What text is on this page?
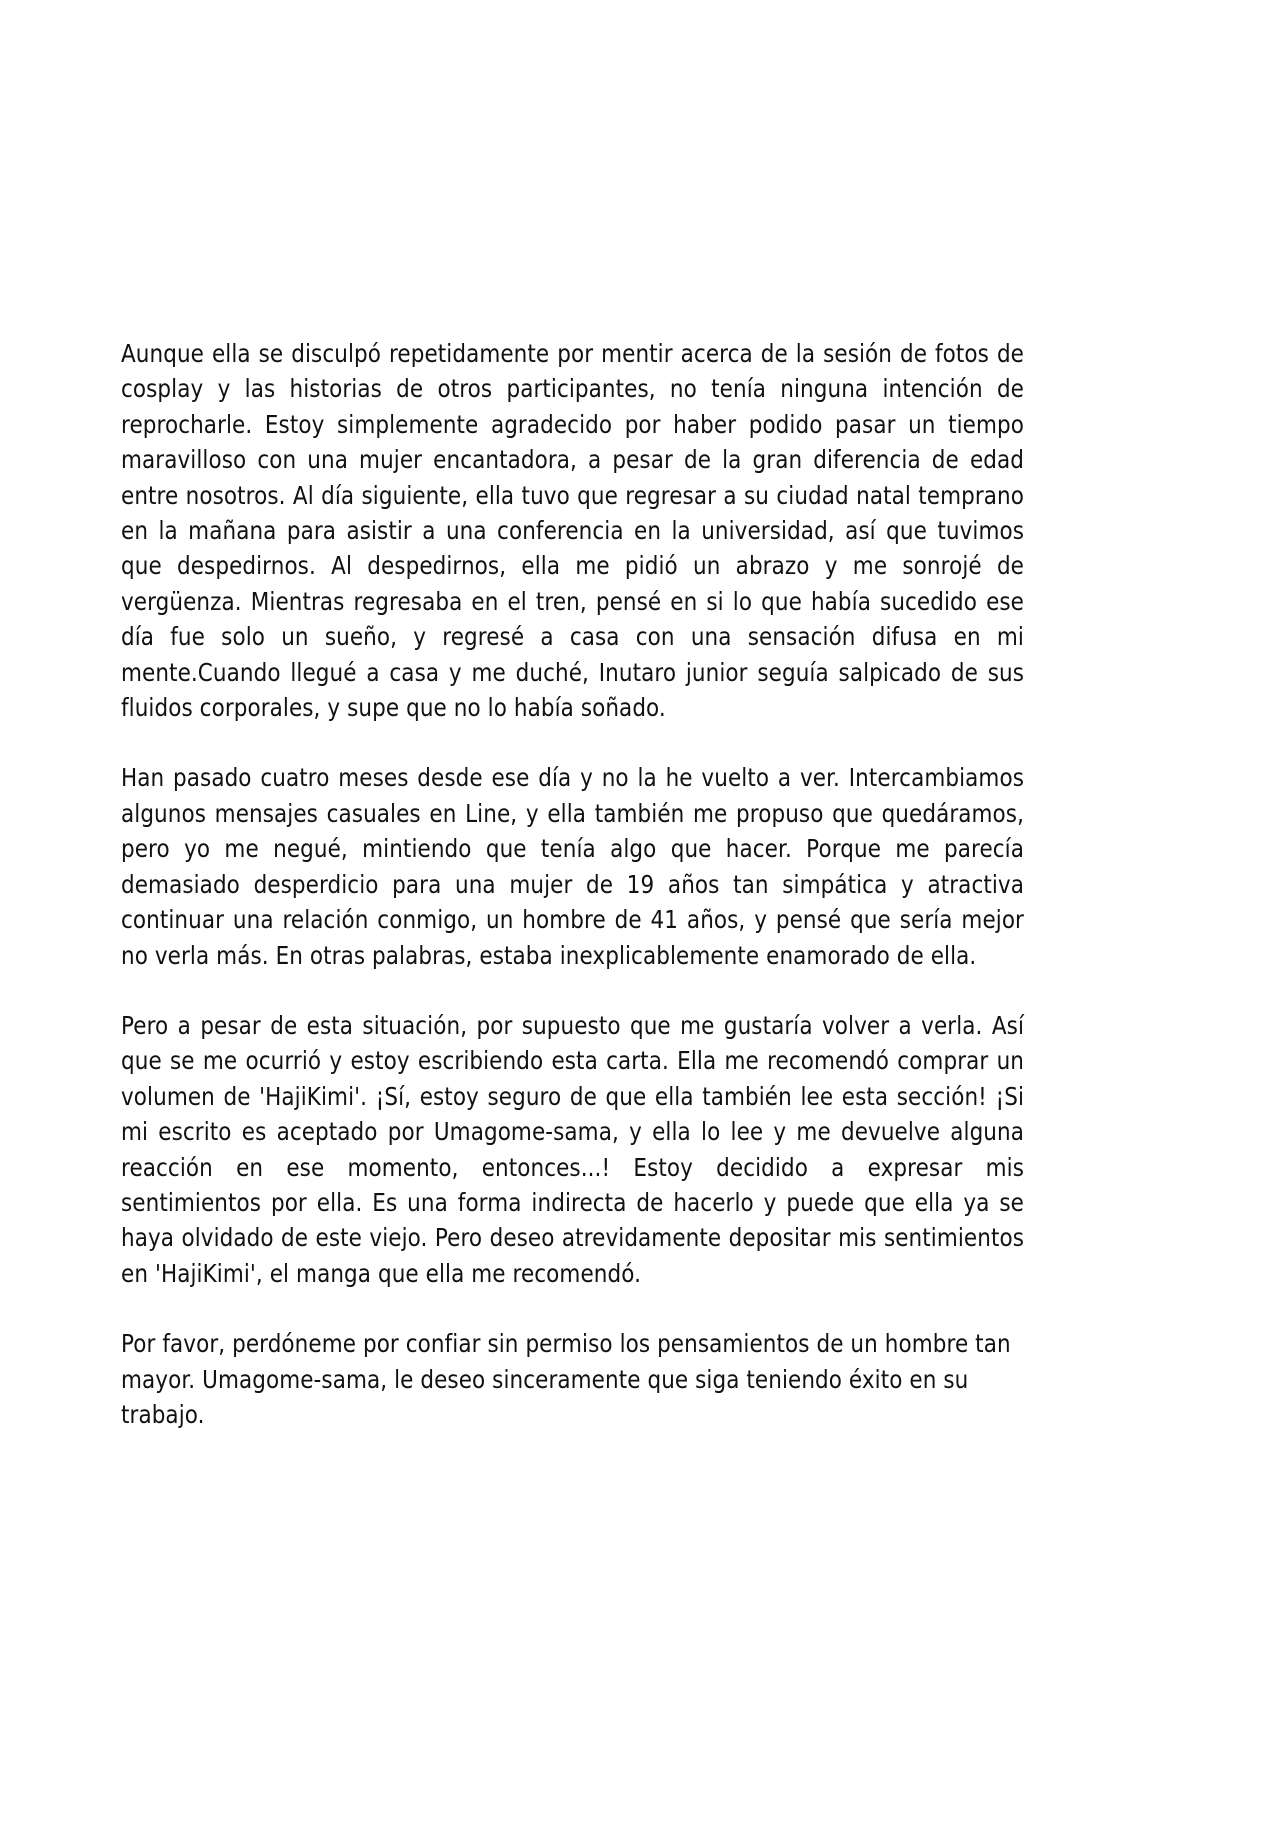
Aunque ella se disculpó repetidamente por mentir acerca de la sesión de fotos de cosplay y las historias de otros participantes, no tenía ninguna intención de reprocharle. Estoy simplemente agradecido por haber podido pasar un tiempo maravilloso con una mujer encantadora, a pesar de la gran diferencia de edad entre nosotros. Al día siguiente, ella tuvo que regresar a su ciudad natal temprano en la mañana para asistir a una conferencia en la universidad, así que tuvimos que despedirnos. Al despedirnos, ella me pidió un abrazo y me sonrojé de vergüenza. Mientras regresaba en el tren, pensé en si lo que había sucedido ese día fue solo un sueño, y regresé a casa con una sensación difusa en mi mente.Cuando llegué a casa y me duché, Inutaro junior seguía salpicado de sus fluidos corporales, y supe que no lo había soñado.

Han pasado cuatro meses desde ese día y no la he vuelto a ver. Intercambiamos algunos mensajes casuales en Line, y ella también me propuso que quedáramos, pero yo me negué, mintiendo que tenía algo que hacer. Porque me parecía demasiado desperdicio para una mujer de 19 años tan simpática y atractiva continuar una relación conmigo, un hombre de 41 años, y pensé que sería mejor no verla más. En otras palabras, estaba inexplicablemente enamorado de ella.

Pero a pesar de esta situación, por supuesto que me gustaría volver a verla. Así que se me ocurrió y estoy escribiendo esta carta. Ella me recomendó comprar un volumen de 'HajiKimi'. ¡Sí, estoy seguro de que ella también lee esta sección! ¡Si mi escrito es aceptado por Umagome-sama, y ella lo lee y me devuelve alguna reacción en ese momento, entonces...! Estoy decidido a expresar mis sentimientos por ella. Es una forma indirecta de hacerlo y puede que ella ya se haya olvidado de este viejo. Pero deseo atrevidamente depositar mis sentimientos en 'HajiKimi', el manga que ella me recomendó.

Por favor, perdóneme por confiar sin permiso los pensamientos de un hombre tan mayor. Umagome-sama, le deseo sinceramente que siga teniendo éxito en su trabajo.
